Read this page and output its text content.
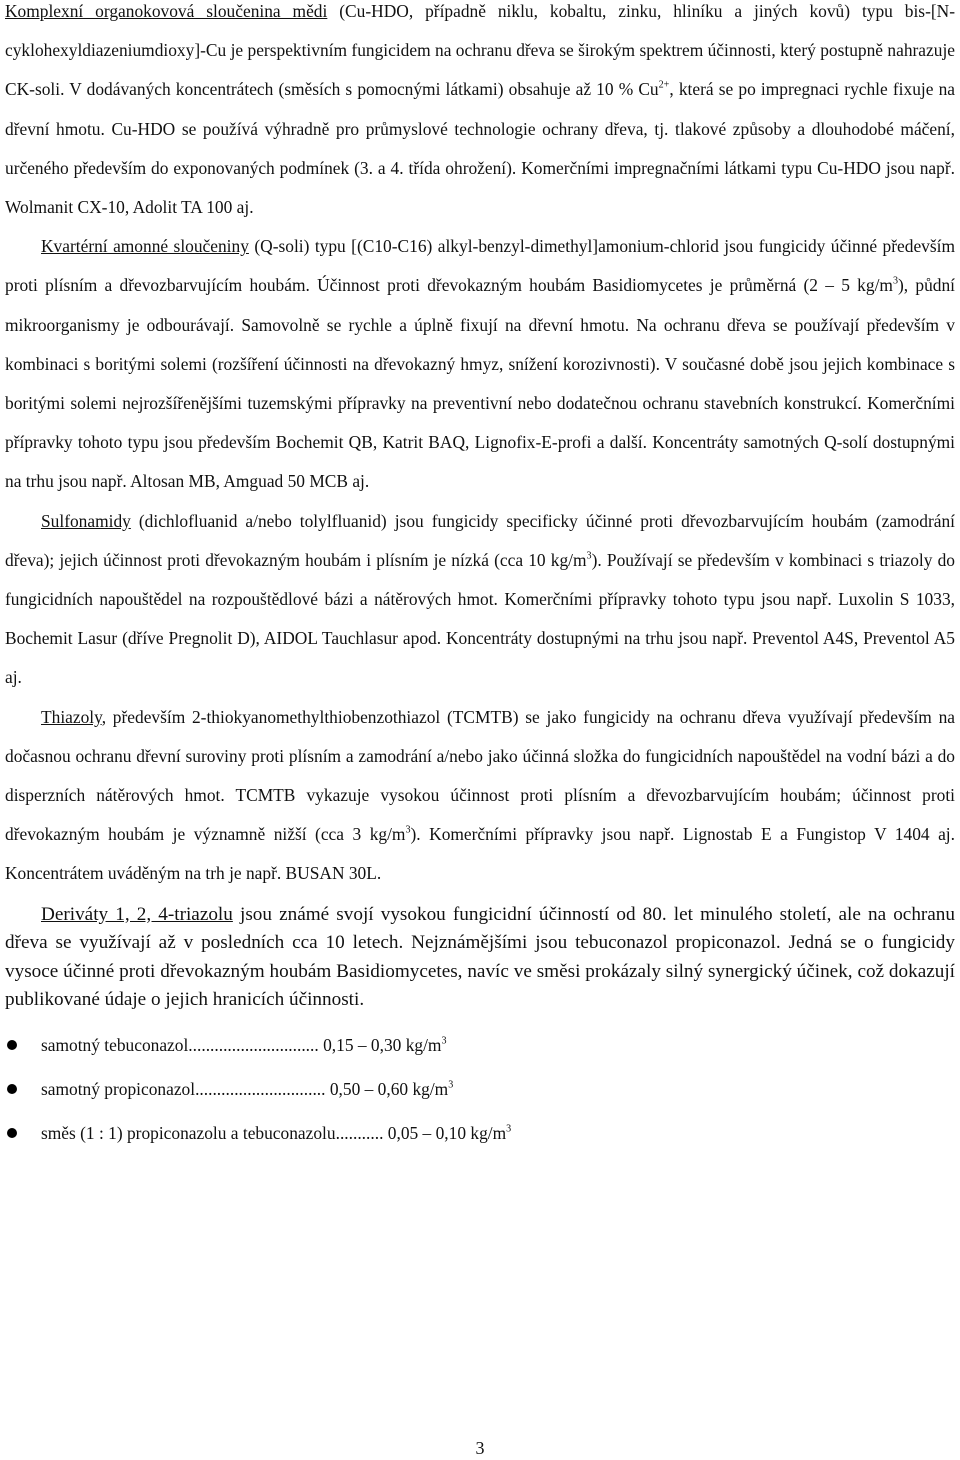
Komplexní organokovová sloučenina mědi (Cu-HDO, případně niklu, kobaltu, zinku, hliníku a jiných kovů) typu bis-[N-cyklohexyldiazeniumdioxy]-Cu je perspektivním fungicidem na ochranu dřeva se širokým spektrem účinnosti, který postupně nahrazuje CK-soli. V dodávaných koncentrátech (směsích s pomocnými látkami) obsahuje až 10 % $Cu^{2+}$, která se po impregnaci rychle fixuje na dřevní hmotu. Cu-HDO se používá výhradně pro průmyslové technologie ochrany dřeva, tj. tlakové způsoby a dlouhodobé máčení, určeného především do exponovaných podmínek (3. a 4. třída ohrožení). Komerčními impregnačními látkami typu Cu-HDO jsou např. Wolmanit CX-10, Adolit TA 100 aj.

Kvartérní amonné sloučeniny (Q-soli) typu [(C10-C16) alkyl-benzyl-dimethyl]amonium-chlorid jsou fungicidy účinné především proti plísním a dřevozbarvujícím houbám. Účinnost proti dřevokazným houbám Basidiomycetes je průměrná (2 – 5 $kg/m^3$), půdní mikroorganismy je odbourávají. Samovolně se rychle a úplně fixují na dřevní hmotu. Na ochranu dřeva se používají především v kombinaci s boritými solemi (rozšíření účinnosti na dřevokazný hmyz, snížení korozivnosti). V současné době jsou jejich kombinace s boritými solemi nejrozšířenějšími tuzemskými přípravky na preventivní nebo dodatečnou ochranu stavebních konstrukcí. Komerčními přípravky tohoto typu jsou především Bochemit QB, Katrit BAQ, Lignofix-E-profi a další. Koncentráty samotných Q-solí dostupnými na trhu jsou např. Altosan MB, Amguad 50 MCB aj.

Sulfonamidy (dichlofluanid a/nebo tolylfluanid) jsou fungicidy specificky účinné proti dřevozbarvujícím houbám (zamodrání dřeva); jejich účinnost proti dřevokazným houbám i plísním je nízká (cca 10 $kg/m^3$). Používají se především v kombinaci s triazoly do fungicidních napouštědel na rozpouštědlové bázi a nátěrových hmot. Komerčními přípravky tohoto typu jsou např. Luxolin S 1033, Bochemit Lasur (dříve Pregnolit D), AIDOL Tauchlasur apod. Koncentráty dostupnými na trhu jsou např. Preventol A4S, Preventol A5 aj.

Thiazoly, především 2-thiokyanomethylthiobenzothiazol (TCMTB) se jako fungicidy na ochranu dřeva využívají především na dočasnou ochranu dřevní suroviny proti plísním a zamodrání a/nebo jako účinná složka do fungicidních napouštědel na vodní bázi a do disperzních nátěrových hmot. TCMTB vykazuje vysokou účinnost proti plísním a dřevozbarvujícím houbám; účinnost proti dřevokazným houbám je významně nižší (cca 3 $kg/m^3$). Komerčními přípravky jsou např. Lignostab E a Fungistop V 1404 aj. Koncentrátem uváděným na trh je např. BUSAN 30L.

Deriváty 1, 2, 4-triazolu jsou známé svojí vysokou fungicidní účinností od 80. let minulého století, ale na ochranu dřeva se využívají až v posledních cca 10 letech. Nejznámějšími jsou tebuconazol propiconazol. Jedná se o fungicidy vysoce účinné proti dřevokazným houbám Basidiomycetes, navíc ve směsi prokázaly silný synergický účinek, což dokazují publikované údaje o jejich hranicích účinnosti.

samotný tebuconazol.............................. 0,15 – 0,30 $kg/m^3$
samotný propiconazol.............................. 0,50 – 0,60 $kg/m^3$
směs (1 : 1) propiconazolu a tebuconazolu........... 0,05 – 0,10 $kg/m^3$
3
